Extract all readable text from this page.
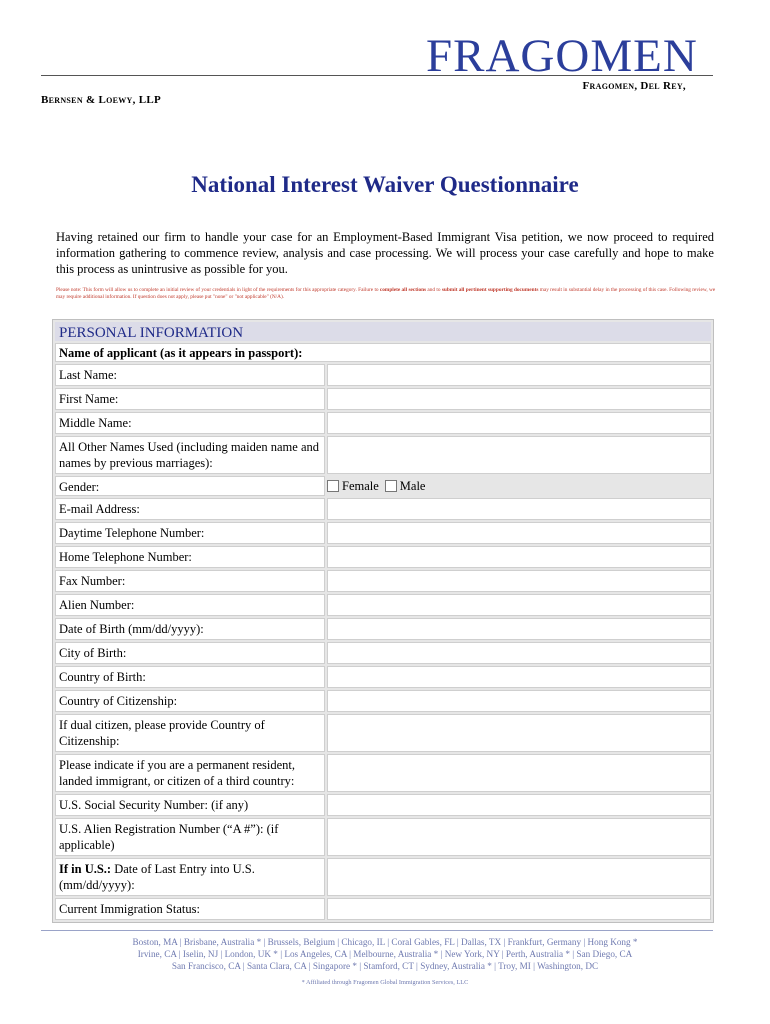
FRAGOMEN
Fragomen, Del Rey,
Bernsen & Loewy, LLP
National Interest Waiver Questionnaire
Having retained our firm to handle your case for an Employment-Based Immigrant Visa petition, we now proceed to required information gathering to commence review, analysis and case processing. We will process your case carefully and hope to make this process as unintrusive as possible for you.
Please note: This form will allow us to complete an initial review of your credentials in light of the requirements for this appropriate category. Failure to complete all sections and to submit all pertinent supporting documents may result in substantial delay in the processing of this case. Following review, we may require additional information. If question does not apply, please put "none" or "not applicable" (N/A).
PERSONAL INFORMATION
Name of applicant (as it appears in passport):
Last Name:
First Name:
Middle Name:
All Other Names Used (including maiden name and names by previous marriages):
Gender:	Female Male
E-mail Address:
Daytime Telephone Number:
Home Telephone Number:
Fax Number:
Alien Number:
Date of Birth (mm/dd/yyyy):
City of Birth:
Country of Birth:
Country of Citizenship:
If dual citizen, please provide Country of Citizenship:
Please indicate if you are a permanent resident, landed immigrant, or citizen of a third country:
U.S. Social Security Number: (if any)
U.S. Alien Registration Number (“A #”): (if applicable)
If in U.S.: Date of Last Entry into U.S. (mm/dd/yyyy):
Current Immigration Status:
Boston, MA | Brisbane, Australia * | Brussels, Belgium | Chicago, IL | Coral Gables, FL | Dallas, TX | Frankfurt, Germany | Hong Kong *
Irvine, CA | Iselin, NJ | London, UK * | Los Angeles, CA | Melbourne, Australia * | New York, NY | Perth, Australia * | San Diego, CA
San Francisco, CA | Santa Clara, CA | Singapore * | Stamford, CT | Sydney, Australia * | Troy, MI | Washington, DC
* Affiliated through Fragomen Global Immigration Services, LLC
